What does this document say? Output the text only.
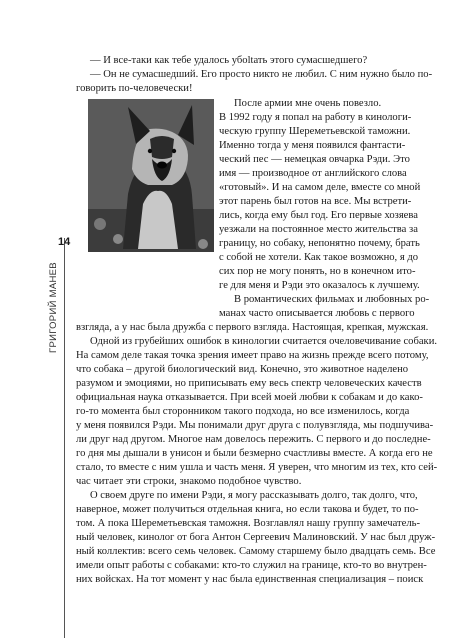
14
ГРИГОРИЙ МАНЕВ

— И все-таки как тебе удалось убоltать этого сумасшедшего?

— Он не сумасшедший. Его просто никто не любил. С ним нужно было по-

говорить по-человечески!

После армии мне очень повезло.

В 1992 году я попал на работу в кинологи-

ческую группу Шереметьевской таможни.

Именно тогда у меня появился фантасти-

ческий пес — немецкая овчарка Рэди. Это

имя — производное от английского слова

«готовый». И на самом деле, вместе со мной

этот парень был готов на все. Мы встрети-

лись, когда ему был год. Его первые хозяева

уезжали на постоянное место жительства за

границу, но собаку, непонятно почему, брать

с собой не хотели. Как такое возможно, я до

сих пор не могу понять, но в конечном ито-

ге для меня и Рэди это оказалось к лучшему.

В романтических фильмах и любовных ро-

манах часто описывается любовь с первого

взгляда, а у нас была дружба с первого взгляда. Настоящая, крепкая, мужская.

Одной из грубейших ошибок в кинологии считается очеловечивание собаки.

На самом деле такая точка зрения имеет право на жизнь прежде всего потому,

что собака – другой биологический вид. Конечно, это животное наделено

разумом и эмоциями, но приписывать ему весь спектр человеческих качеств

официальная наука отказывается. При всей моей любви к собакам и до како-

го-то момента был сторонником такого подхода, но все изменилось, когда

у меня появился Рэди. Мы понимали друг друга с полувзгляда, мы подшучива-

ли друг над другом. Многое нам довелось пережить. С первого и до последне-

го дня мы дышали в унисон и были безмерно счастливы вместе. А когда его не

стало, то вместе с ним ушла и часть меня. Я уверен, что многим из тех, кто сей-

час читает эти строки, знакомо подобное чувство.

О своем друге по имени Рэди, я могу рассказывать долго, так долго, что,

наверное, может получиться отдельная книга, но если такова и будет, то по-

том. А пока Шереметьевская таможня. Возглавлял нашу группу замечатель-

ный человек, кинолог от бога Антон Сергеевич Малиновский. У нас был друж-

ный коллектив: всего семь человек. Самому старшему было двадцать семь. Все

имели опыт работы с собаками: кто-то служил на границе, кто-то во внутрен-

них войсках. На тот момент у нас была единственная специализация – поиск
